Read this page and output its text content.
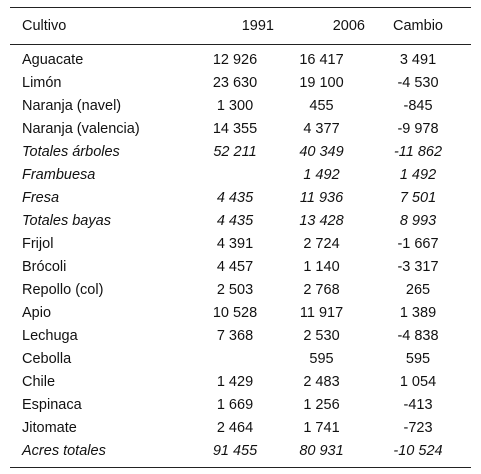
Cultivo	1991	2006	Cambio
Aguacate	12 926	16 417	3 491
Limón	23 630	19 100	-4 530
Naranja (navel)	1 300	455	-845
Naranja (valencia)	14 355	4 377	-9 978
Totales árboles	52 211	40 349	-11 862
Frambuesa		1 492	1 492
Fresa	4 435	11 936	7 501
Totales bayas	4 435	13 428	8 993
Frijol	4 391	2 724	-1 667
Brócoli	4 457	1 140	-3 317
Repollo (col)	2 503	2 768	265
Apio	10 528	11 917	1 389
Lechuga	7 368	2 530	-4 838
Cebolla		595	595
Chile	1 429	2 483	1 054
Espinaca	1 669	1 256	-413
Jitomate	2 464	1 741	-723
Acres totales	91 455	80 931	-10 524
